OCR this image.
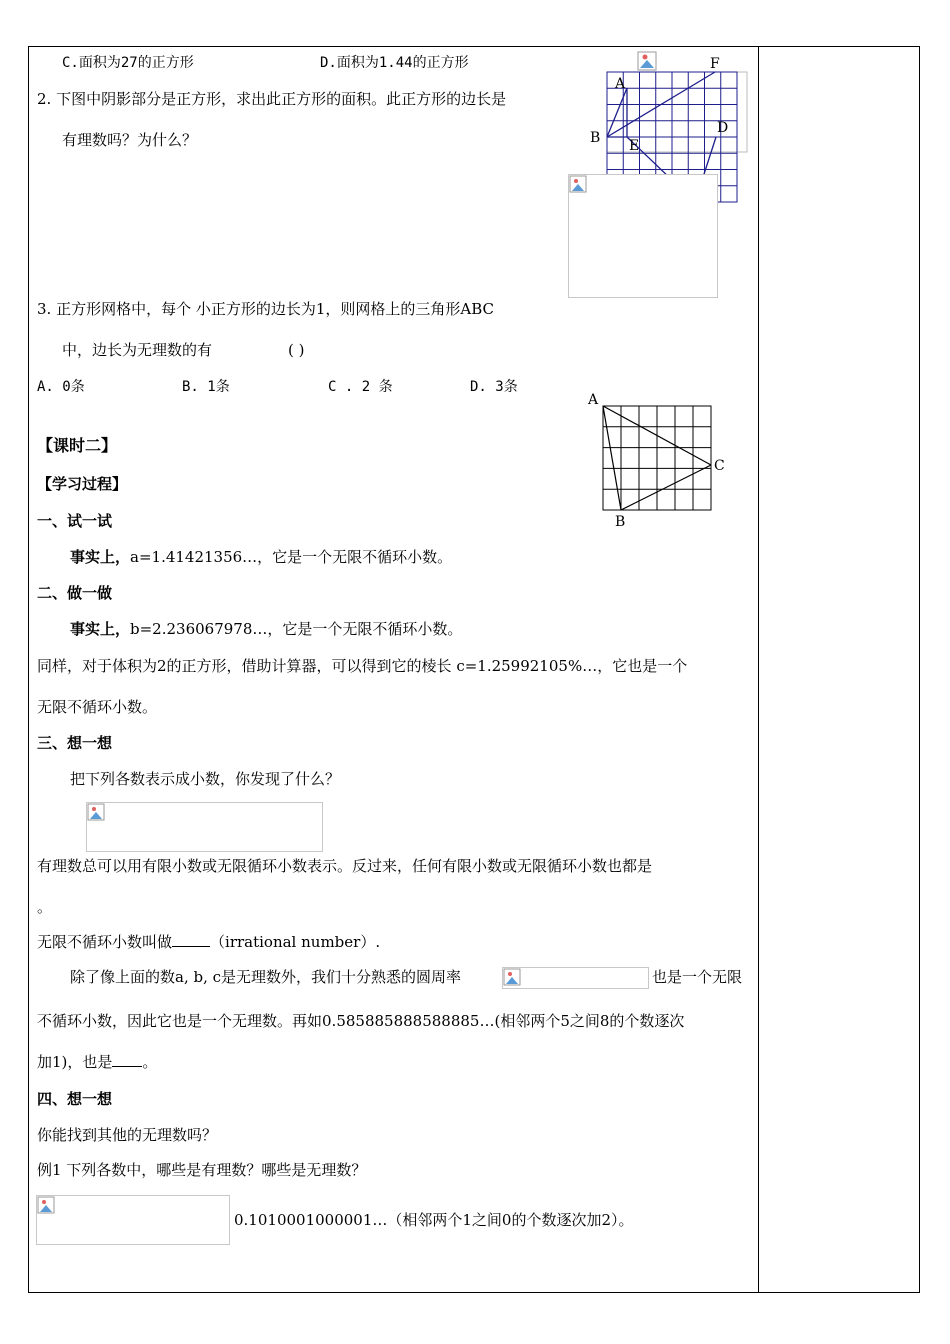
C.面积为27的正方形	D.面积为1.44的正方形
2. 下图中阴影部分是正方形，求出此正方形的面积。此正方形的边长是
有理数吗？为什么？
A
F
B E
D
3. 正方形网格中，每个 小正方形的边长为1，则网格上的三角形ABC
中，边长为无理数的有	( )
A. 0条	B. 1条	C . 2 条	D. 3条
A
C
B
【课时二】
【学习过程】
一、试一试
事实上，a=1.41421356…，它是一个无限不循环小数。
二、做一做
事实上，b=2.236067978…，它是一个无限不循环小数。
同样，对于体积为2的正方形，借助计算器，可以得到它的棱长 c=1.25992105%…，它也是一个
无限不循环小数。
三、想一想
把下列各数表示成小数，你发现了什么？
有理数总可以用有限小数或无限循环小数表示。反过来，任何有限小数或无限循环小数也都是
。
无限不循环小数叫做	（irrational number）.
除了像上面的数a, b, c是无理数外，我们十分熟悉的圆周率	也是一个无限
不循环小数，因此它也是一个无理数。再如0.585885888588885…(相邻两个5之间8的个数逐次
加1)，也是 。
四、想一想
你能找到其他的无理数吗？
例1 下列各数中，哪些是有理数？哪些是无理数？
0.1010001000001…（相邻两个1之间0的个数逐次加2）。
